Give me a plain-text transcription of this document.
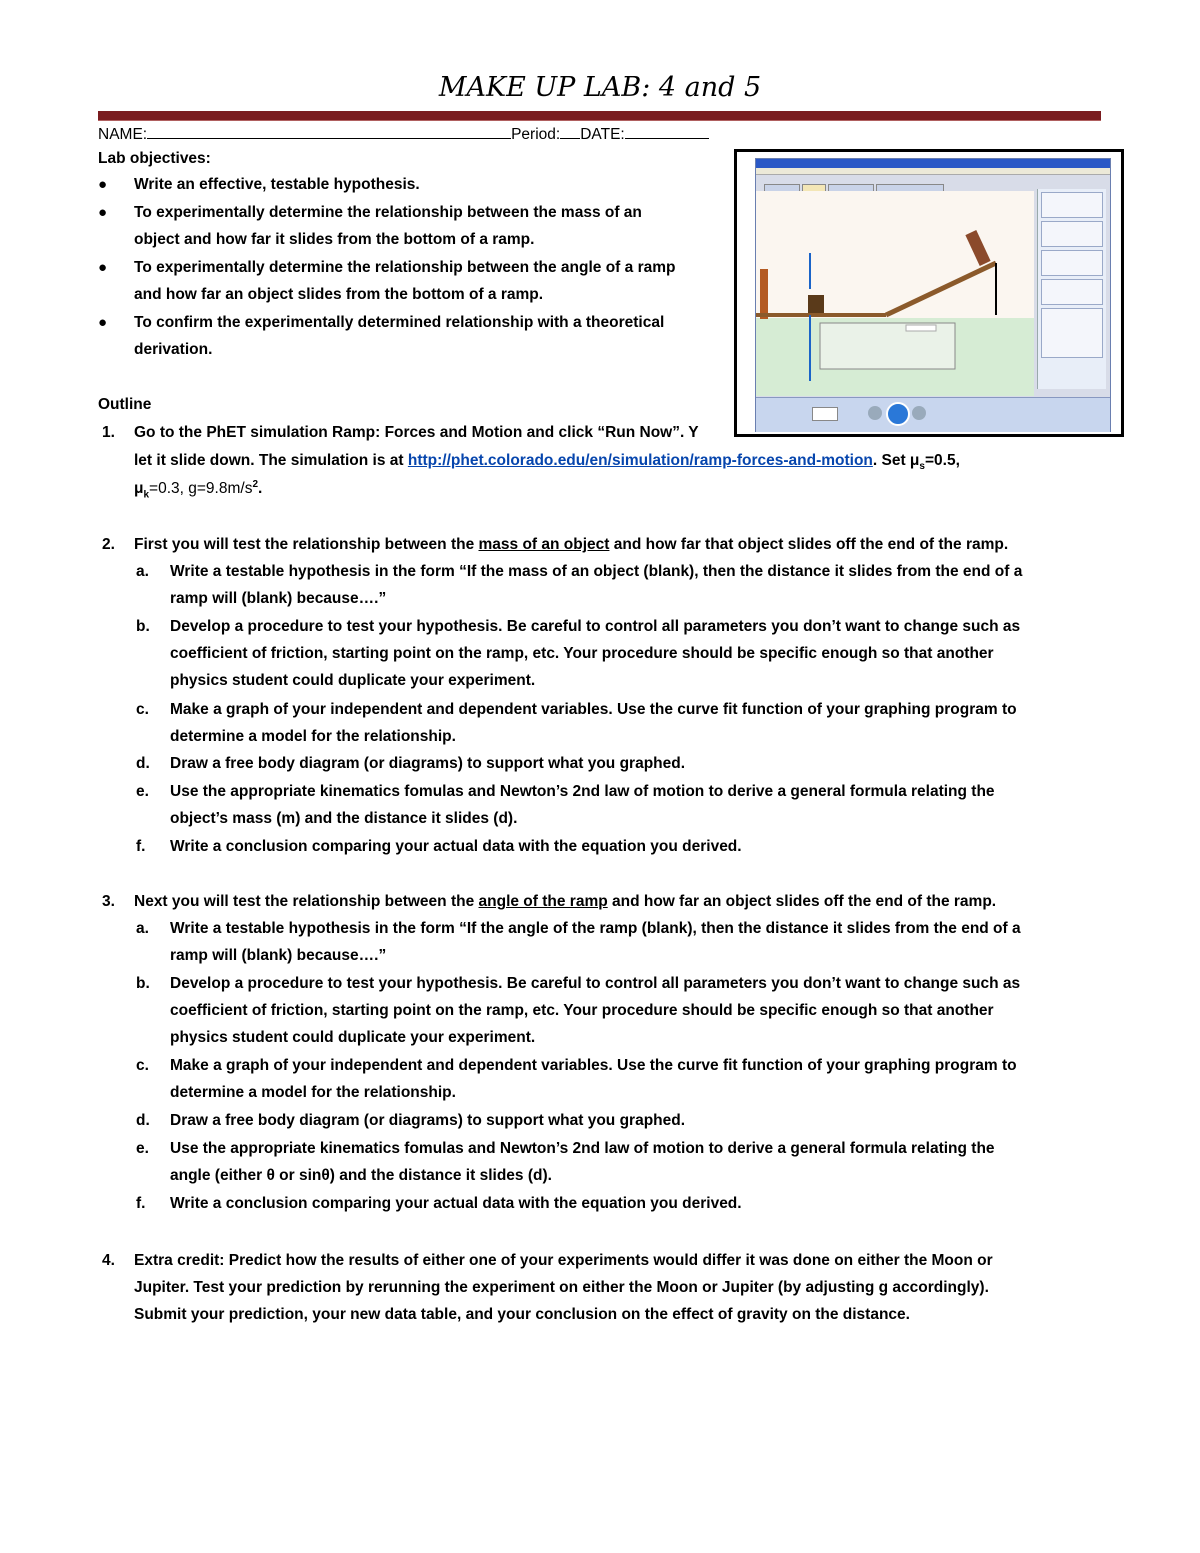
MAKE UP LAB: 4 and 5
NAME:	Period: DATE:
Lab objectives:
● Write an effective, testable hypothesis.
● To experimentally determine the relationship between the mass of an
object and how far it slides from the bottom of a ramp.
● To experimentally determine the relationship between the angle of a ramp
and how far an object slides from the bottom of a ramp.
● To confirm the experimentally determined relationship with a theoretical
derivation.
Outline
1. Go to the PhET simulation Ramp: Forces and Motion and click “Run Now”. Y
let it slide down. The simulation is at http://phet.colorado.edu/en/simulation/ramp-forces-and-motion. Set $\mu_s=0.5$,
$\mu_k=0.3$, $g=9.8m/s^2$.
2. First you will test the relationship between the mass of an object and how far that object slides off the end of the ramp.
a. Write a testable hypothesis in the form “If the mass of an object (blank), then the distance it slides from the end of a
ramp will (blank) because….”
b. Develop a procedure to test your hypothesis. Be careful to control all parameters you don’t want to change such as
coefficient of friction, starting point on the ramp, etc. Your procedure should be specific enough so that another
physics student could duplicate your experiment.
c. Make a graph of your independent and dependent variables. Use the curve fit function of your graphing program to
determine a model for the relationship.
d. Draw a free body diagram (or diagrams) to support what you graphed.
e. Use the appropriate kinematics fomulas and Newton’s 2nd law of motion to derive a general formula relating the
object’s mass (m) and the distance it slides (d).
f. Write a conclusion comparing your actual data with the equation you derived.
3. Next you will test the relationship between the angle of the ramp and how far an object slides off the end of the ramp.
a. Write a testable hypothesis in the form “If the angle of the ramp (blank), then the distance it slides from the end of a
ramp will (blank) because….”
b. Develop a procedure to test your hypothesis. Be careful to control all parameters you don’t want to change such as
coefficient of friction, starting point on the ramp, etc. Your procedure should be specific enough so that another
physics student could duplicate your experiment.
c. Make a graph of your independent and dependent variables. Use the curve fit function of your graphing program to
determine a model for the relationship.
d. Draw a free body diagram (or diagrams) to support what you graphed.
e. Use the appropriate kinematics fomulas and Newton’s 2nd law of motion to derive a general formula relating the
angle (either θ or sinθ) and the distance it slides (d).
f. Write a conclusion comparing your actual data with the equation you derived.
4. Extra credit: Predict how the results of either one of your experiments would differ it was done on either the Moon or
Jupiter. Test your prediction by rerunning the experiment on either the Moon or Jupiter (by adjusting g accordingly).
Submit your prediction, your new data table, and your conclusion on the effect of gravity on the distance.
